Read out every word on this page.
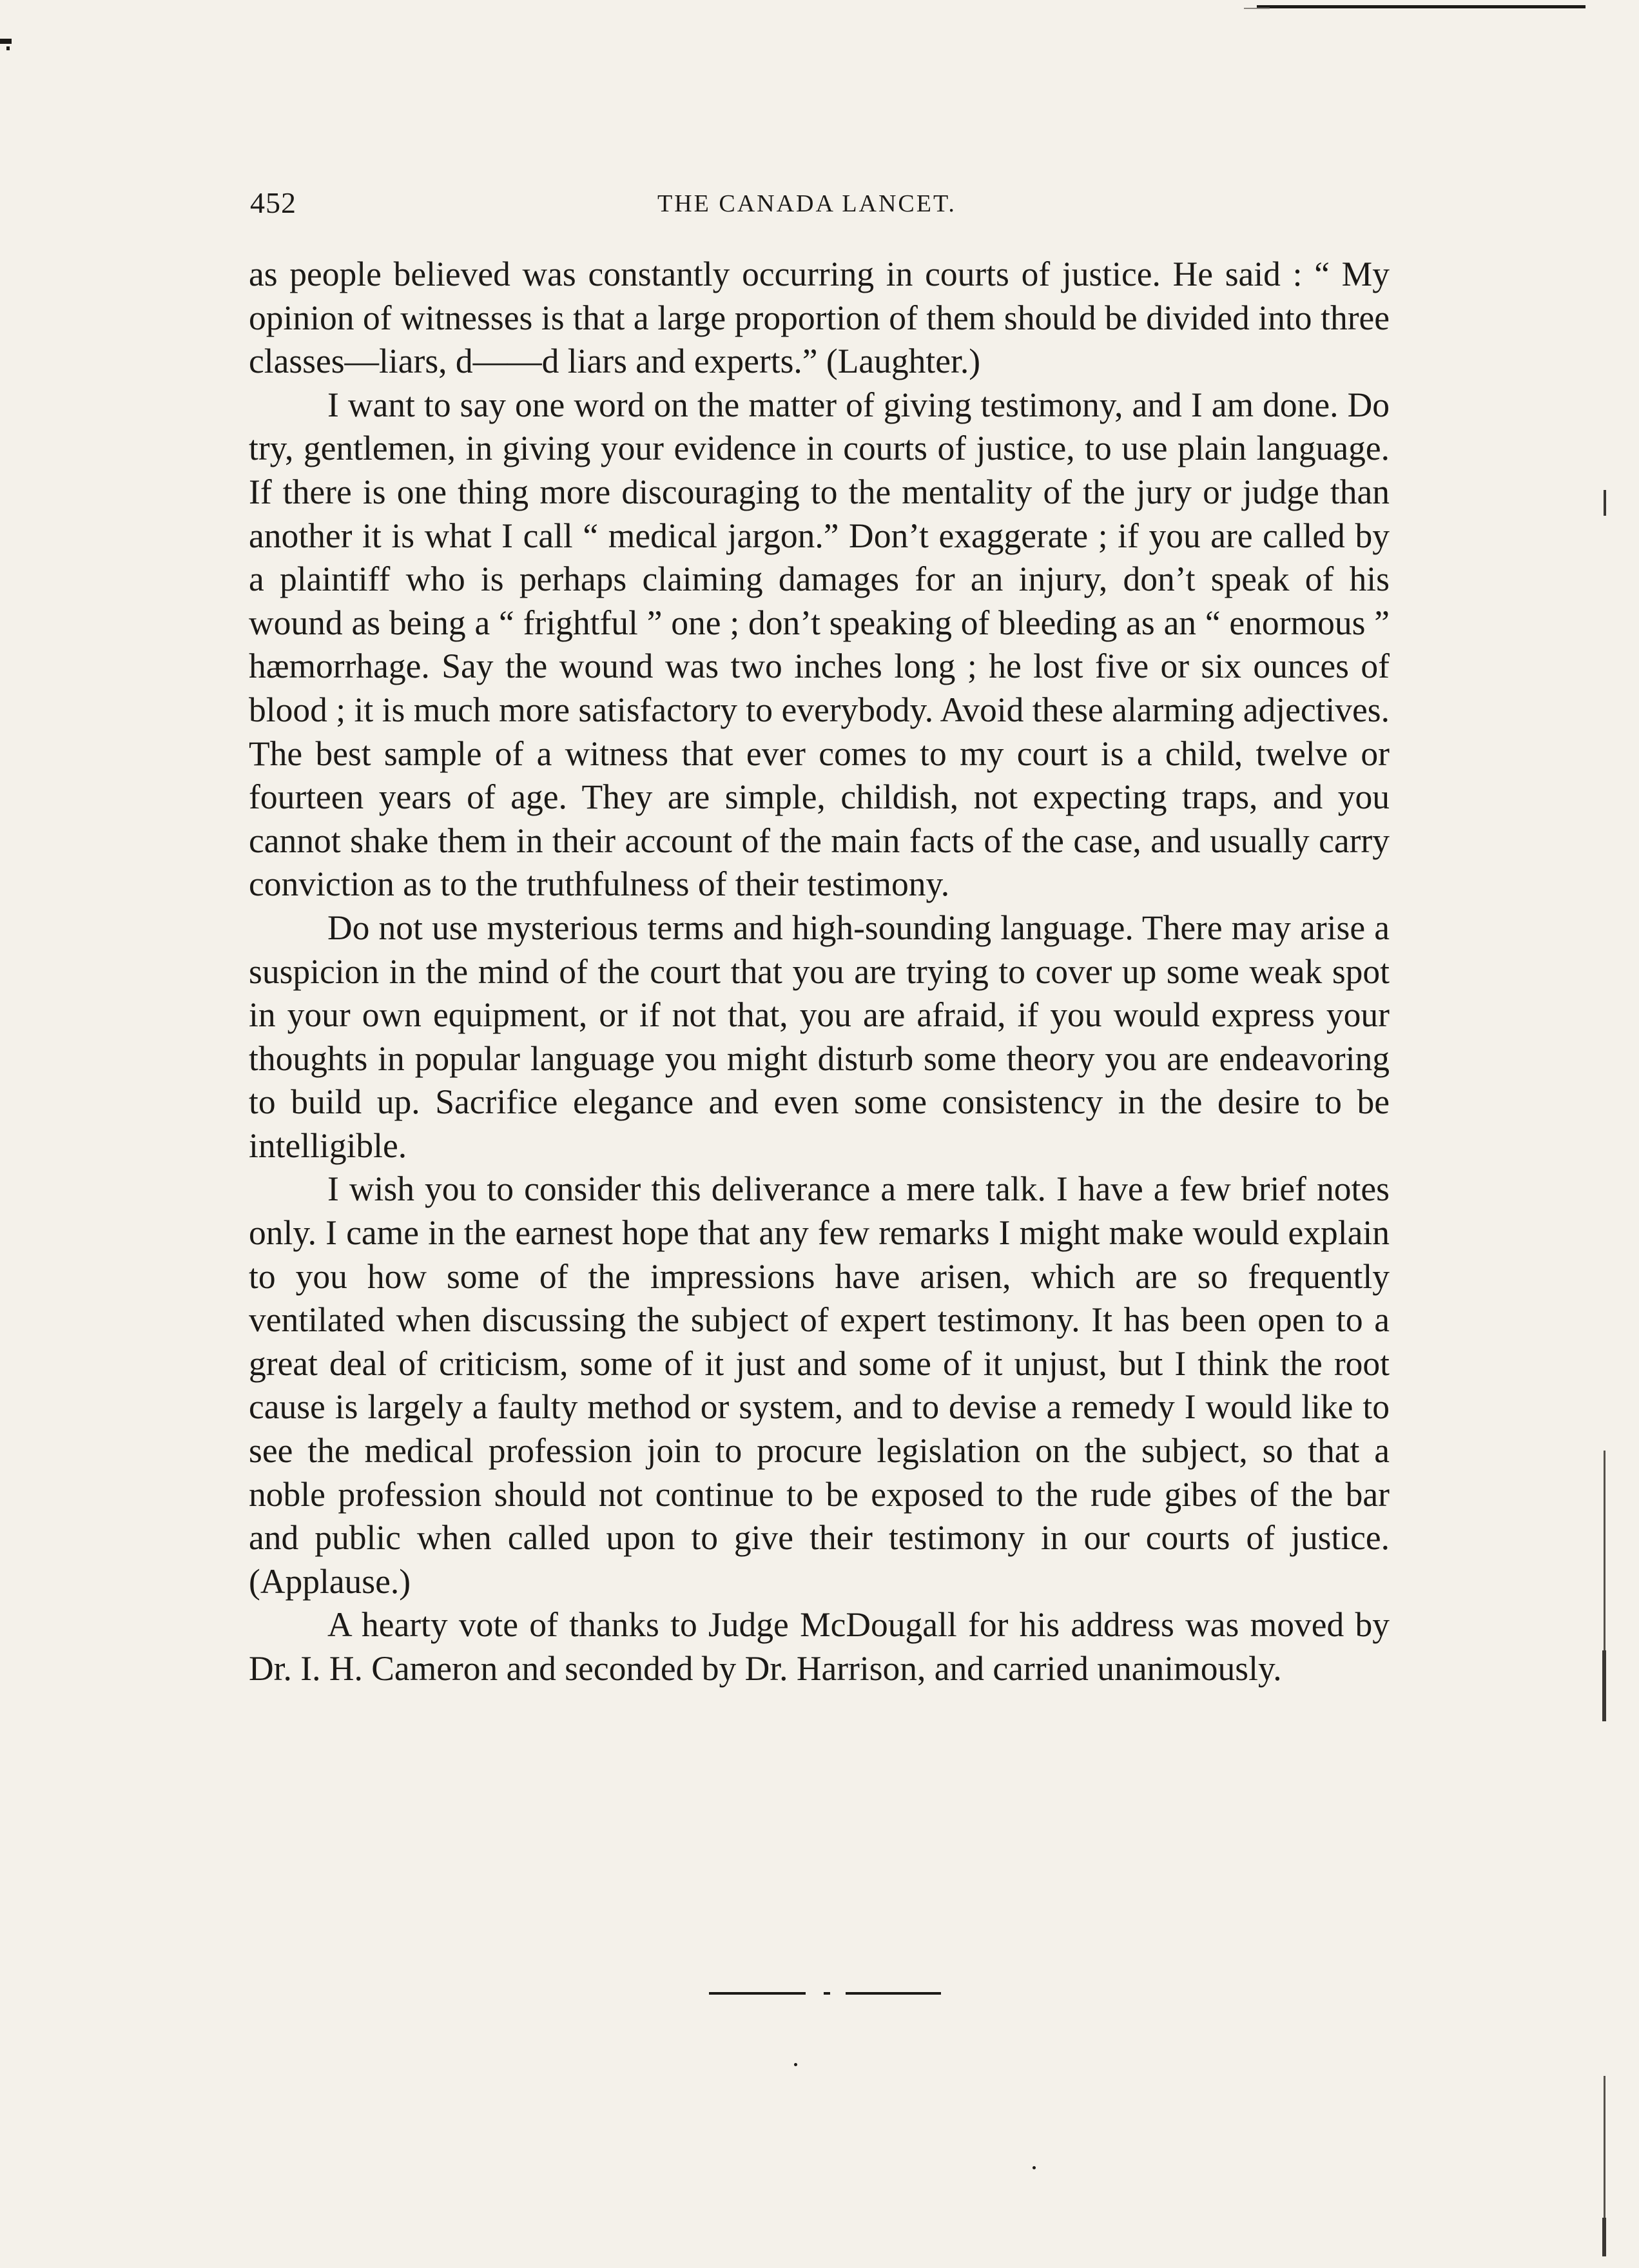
452	THE CANADA LANCET.

as people believed was constantly occurring in courts of justice. He said : “ My opinion of witnesses is that a large proportion of them should be divided into three classes—liars, d——d liars and experts.” (Laughter.)

I want to say one word on the matter of giving testimony, and I am done. Do try, gentlemen, in giving your evidence in courts of justice, to use plain language. If there is one thing more discouraging to the mentality of the jury or judge than another it is what I call “ medical jargon.” Don’t exaggerate ; if you are called by a plaintiff who is perhaps claiming damages for an injury, don’t speak of his wound as being a “ frightful ” one ; don’t speaking of bleeding as an “ enormous ” hæmorrhage. Say the wound was two inches long ; he lost five or six ounces of blood ; it is much more satisfactory to everybody. Avoid these alarming adjectives. The best sample of a witness that ever comes to my court is a child, twelve or fourteen years of age. They are simple, childish, not expecting traps, and you cannot shake them in their account of the main facts of the case, and usually carry conviction as to the truthfulness of their testimony.

Do not use mysterious terms and high-sounding language. There may arise a suspicion in the mind of the court that you are trying to cover up some weak spot in your own equipment, or if not that, you are afraid, if you would express your thoughts in popular language you might disturb some theory you are endeavoring to build up. Sacrifice elegance and even some consistency in the desire to be intelligible.

I wish you to consider this deliverance a mere talk. I have a few brief notes only. I came in the earnest hope that any few remarks I might make would explain to you how some of the impressions have arisen, which are so frequently ventilated when discussing the subject of expert testimony. It has been open to a great deal of criticism, some of it just and some of it unjust, but I think the root cause is largely a faulty method or system, and to devise a remedy I would like to see the medical profession join to procure legislation on the subject, so that a noble profession should not continue to be exposed to the rude gibes of the bar and public when called upon to give their testimony in our courts of justice. (Applause.)

A hearty vote of thanks to Judge McDougall for his address was moved by Dr. I. H. Cameron and seconded by Dr. Harrison, and carried unanimously.
